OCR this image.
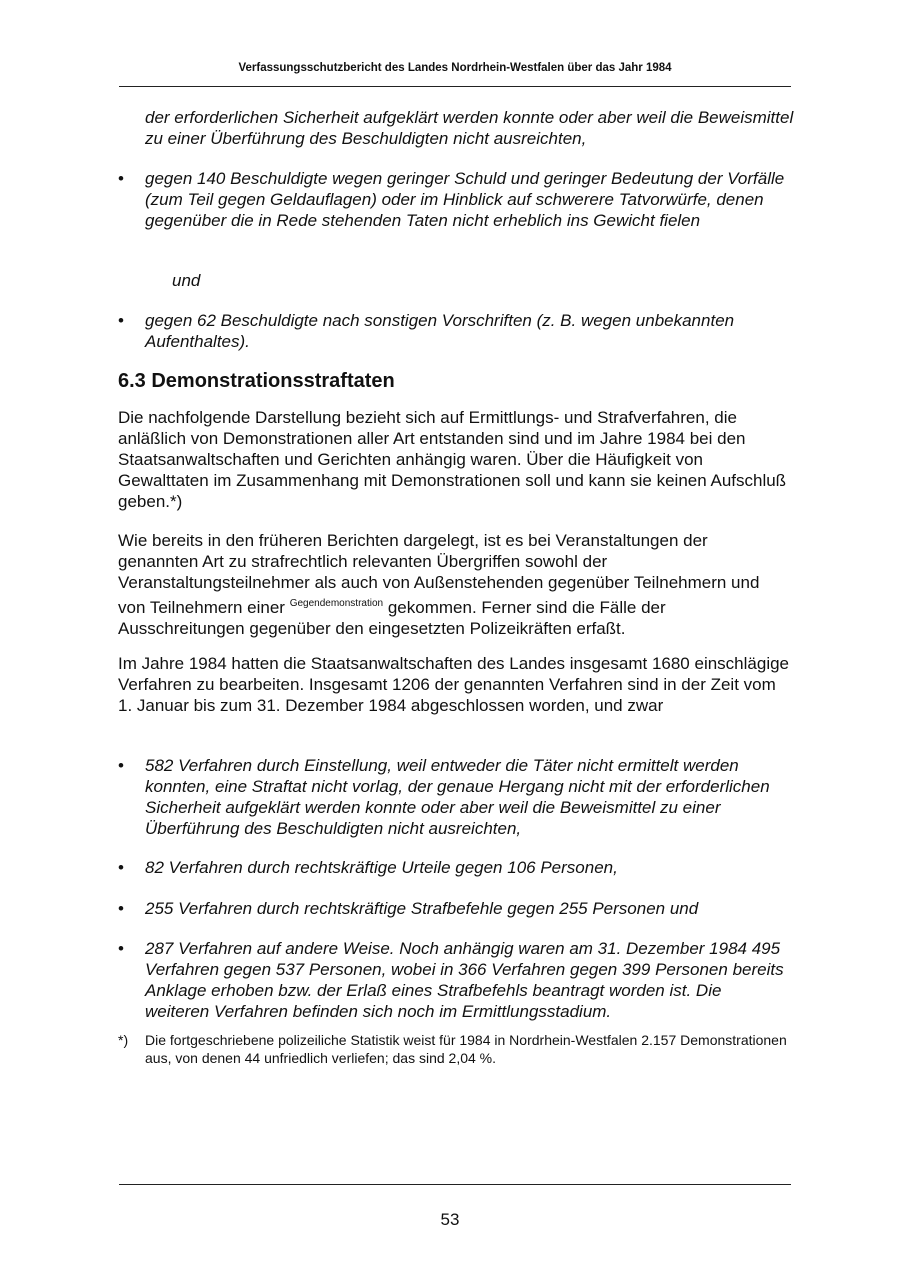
Verfassungsschutzbericht des Landes Nordrhein-Westfalen über das Jahr 1984
der erforderlichen Sicherheit aufgeklärt werden konnte oder aber weil die Beweismittel zu einer Überführung des Beschuldigten nicht ausreichten,
• gegen 140 Beschuldigte wegen geringer Schuld und geringer Bedeutung der Vorfälle (zum Teil gegen Geldauflagen) oder im Hinblick auf schwerere Tatvorwürfe, denen gegenüber die in Rede stehenden Taten nicht erheblich ins Gewicht fielen
und
• gegen 62 Beschuldigte nach sonstigen Vorschriften (z. B. wegen unbekannten Aufenthaltes).
6.3 Demonstrationsstraftaten
Die nachfolgende Darstellung bezieht sich auf Ermittlungs- und Strafverfahren, die anläßlich von Demonstrationen aller Art entstanden sind und im Jahre 1984 bei den Staatsanwaltschaften und Gerichten anhängig waren. Über die Häufigkeit von Gewalttaten im Zusammenhang mit Demonstrationen soll und kann sie keinen Aufschluß geben.*)
Wie bereits in den früheren Berichten dargelegt, ist es bei Veranstaltungen der genannten Art zu strafrechtlich relevanten Übergriffen sowohl der Veranstaltungsteilnehmer als auch von Außenstehenden gegenüber Teilnehmern und von Teilnehmern einer $^{Gegendemonstration}$ gekommen. Ferner sind die Fälle der Ausschreitungen gegenüber den eingesetzten Polizeikräften erfaßt.
Im Jahre 1984 hatten die Staatsanwaltschaften des Landes insgesamt 1680 einschlägige Verfahren zu bearbeiten. Insgesamt 1206 der genannten Verfahren sind in der Zeit vom 1. Januar bis zum 31. Dezember 1984 abgeschlossen worden, und zwar
• 582 Verfahren durch Einstellung, weil entweder die Täter nicht ermittelt werden konnten, eine Straftat nicht vorlag, der genaue Hergang nicht mit der erforderlichen Sicherheit aufgeklärt werden konnte oder aber weil die Beweismittel zu einer Überführung des Beschuldigten nicht ausreichten,
• 82 Verfahren durch rechtskräftige Urteile gegen 106 Personen,
• 255 Verfahren durch rechtskräftige Strafbefehle gegen 255 Personen und
• 287 Verfahren auf andere Weise. Noch anhängig waren am 31. Dezember 1984 495 Verfahren gegen 537 Personen, wobei in 366 Verfahren gegen 399 Personen bereits Anklage erhoben bzw. der Erlaß eines Strafbefehls beantragt worden ist. Die weiteren Verfahren befinden sich noch im Ermittlungsstadium.
*) Die fortgeschriebene polizeiliche Statistik weist für 1984 in Nordrhein-Westfalen 2.157 Demonstrationen aus, von denen 44 unfriedlich verliefen; das sind 2,04 %.
53
